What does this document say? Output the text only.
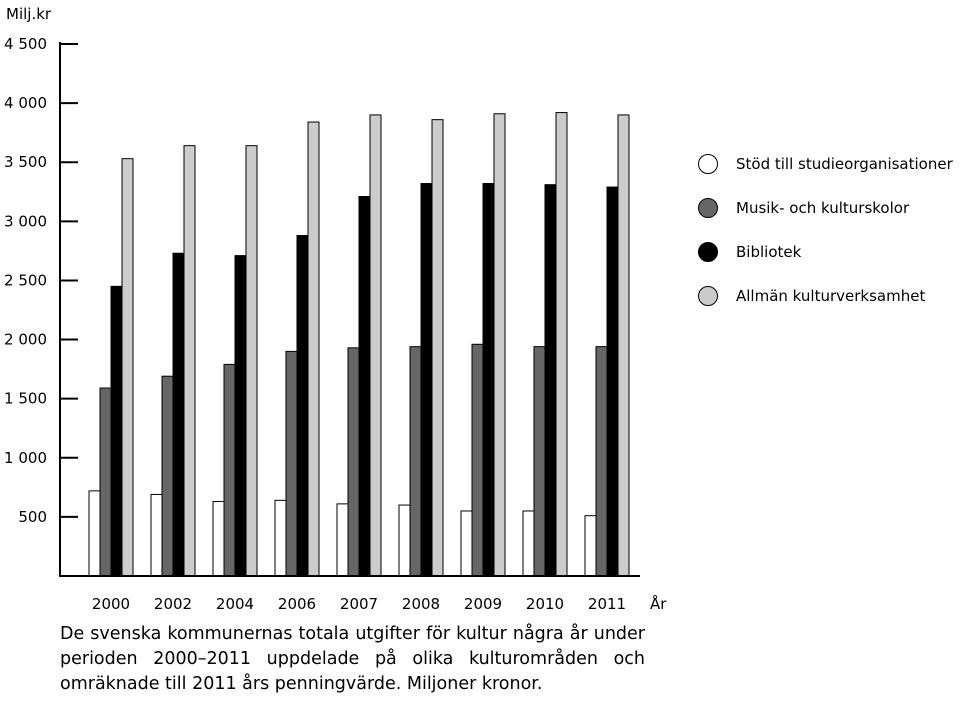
Milj.kr
År
500
1 000
1 500
2 000
2 500
3 000
3 500
4 000
4 500
2000 2002 2004 2006 2007 2008 2009 2010 2011
Stöd till studieorganisationer
Musik- och kulturskolor
Bibliotek
Allmän kulturverksamhet

De svenska kommunernas totala utgifter för kultur några år under perioden 2000–2011 uppdelade på olika kulturområden och omräknade till 2011 års penningvärde. Miljoner kronor.
